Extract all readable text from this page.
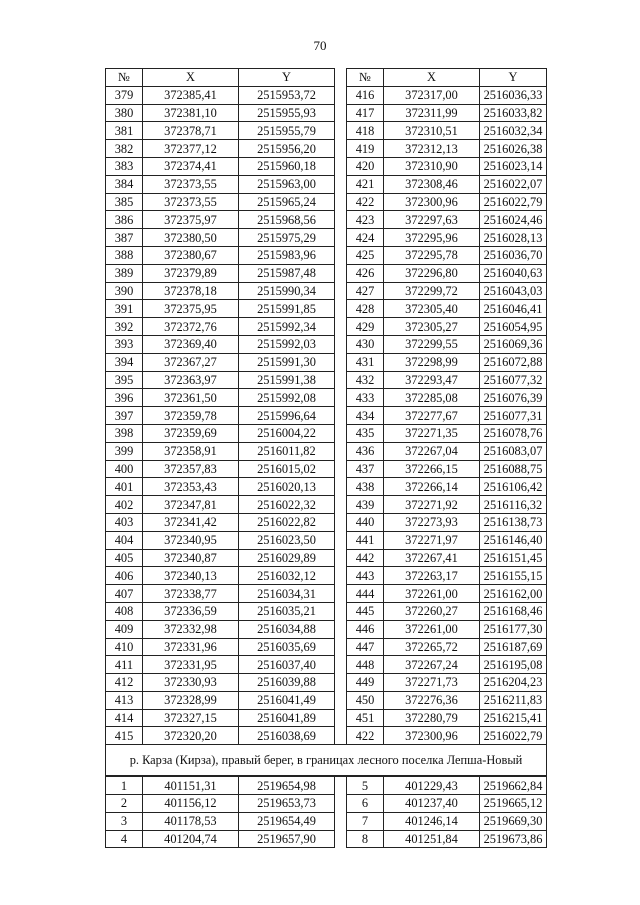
70
№	X	Y		№	X	Y
379	372385,41	2515953,72		416	372317,00	2516036,33
380	372381,10	2515955,93		417	372311,99	2516033,82
381	372378,71	2515955,79		418	372310,51	2516032,34
382	372377,12	2515956,20		419	372312,13	2516026,38
383	372374,41	2515960,18		420	372310,90	2516023,14
384	372373,55	2515963,00		421	372308,46	2516022,07
385	372373,55	2515965,24		422	372300,96	2516022,79
386	372375,97	2515968,56		423	372297,63	2516024,46
387	372380,50	2515975,29		424	372295,96	2516028,13
388	372380,67	2515983,96		425	372295,78	2516036,70
389	372379,89	2515987,48		426	372296,80	2516040,63
390	372378,18	2515990,34		427	372299,72	2516043,03
391	372375,95	2515991,85		428	372305,40	2516046,41
392	372372,76	2515992,34		429	372305,27	2516054,95
393	372369,40	2515992,03		430	372299,55	2516069,36
394	372367,27	2515991,30		431	372298,99	2516072,88
395	372363,97	2515991,38		432	372293,47	2516077,32
396	372361,50	2515992,08		433	372285,08	2516076,39
397	372359,78	2515996,64		434	372277,67	2516077,31
398	372359,69	2516004,22		435	372271,35	2516078,76
399	372358,91	2516011,82		436	372267,04	2516083,07
400	372357,83	2516015,02		437	372266,15	2516088,75
401	372353,43	2516020,13		438	372266,14	2516106,42
402	372347,81	2516022,32		439	372271,92	2516116,32
403	372341,42	2516022,82		440	372273,93	2516138,73
404	372340,95	2516023,50		441	372271,97	2516146,40
405	372340,87	2516029,89		442	372267,41	2516151,45
406	372340,13	2516032,12		443	372263,17	2516155,15
407	372338,77	2516034,31		444	372261,00	2516162,00
408	372336,59	2516035,21		445	372260,27	2516168,46
409	372332,98	2516034,88		446	372261,00	2516177,30
410	372331,96	2516035,69		447	372265,72	2516187,69
411	372331,95	2516037,40		448	372267,24	2516195,08
412	372330,93	2516039,88		449	372271,73	2516204,23
413	372328,99	2516041,49		450	372276,36	2516211,83
414	372327,15	2516041,89		451	372280,79	2516215,41
415	372320,20	2516038,69		422	372300,96	2516022,79
р. Карза (Кирза), правый берег, в границах лесного поселка Лепша-Новый						
1	401151,31	2519654,98		5	401229,43	2519662,84
2	401156,12	2519653,73		6	401237,40	2519665,12
3	401178,53	2519654,49		7	401246,14	2519669,30
4	401204,74	2519657,90		8	401251,84	2519673,86
